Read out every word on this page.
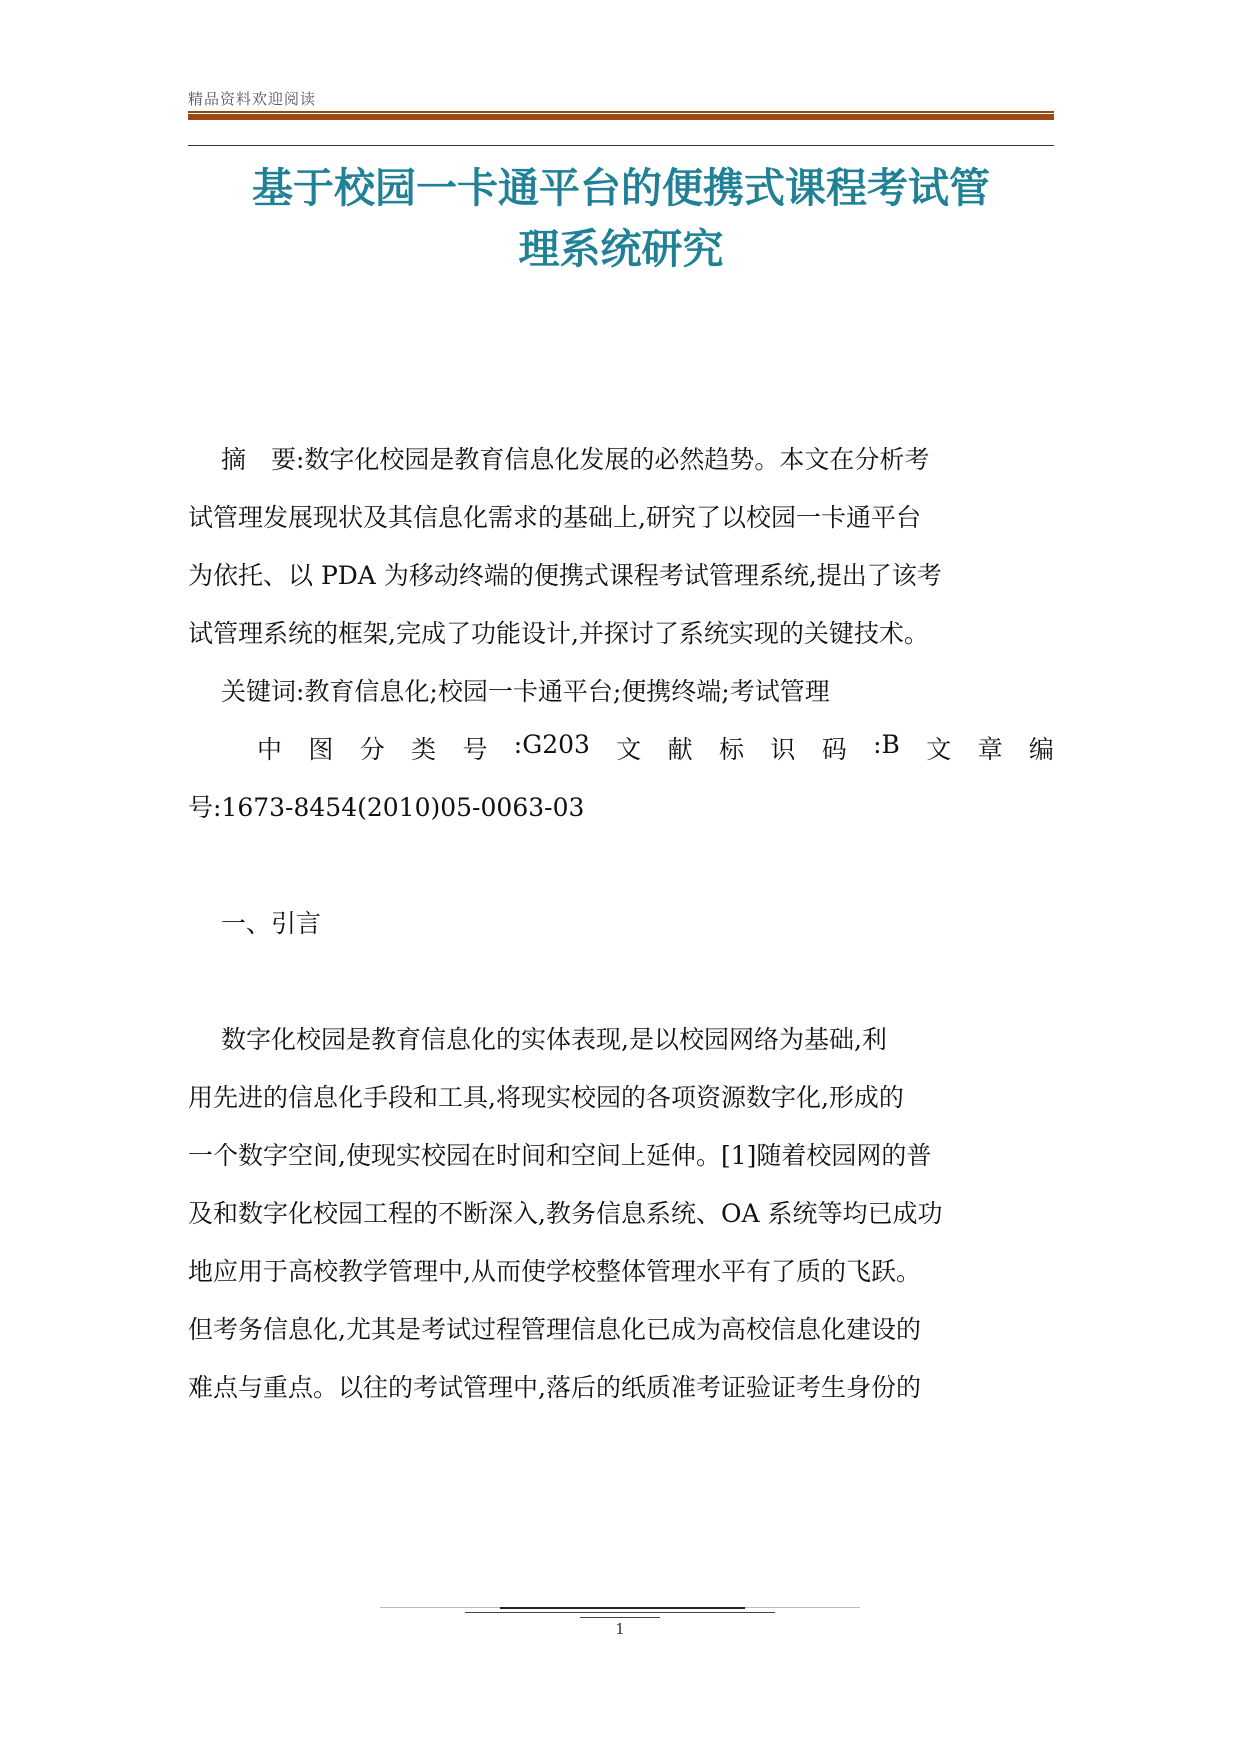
精品资料欢迎阅读
基于校园一卡通平台的便携式课程考试管
理系统研究
摘　要:数字化校园是教育信息化发展的必然趋势。本文在分析考
试管理发展现状及其信息化需求的基础上,研究了以校园一卡通平台
为依托、以 PDA 为移动终端的便携式课程考试管理系统,提出了该考
试管理系统的框架,完成了功能设计,并探讨了系统实现的关键技术。
关键词:教育信息化;校园一卡通平台;便携终端;考试管理
中 图 分 类 号 :G203 文 献 标 识 码 :B 文 章 编
号:1673-8454(2010)05-0063-03
一、引言
数字化校园是教育信息化的实体表现,是以校园网络为基础,利
用先进的信息化手段和工具,将现实校园的各项资源数字化,形成的
一个数字空间,使现实校园在时间和空间上延伸。[1]随着校园网的普
及和数字化校园工程的不断深入,教务信息系统、OA 系统等均已成功
地应用于高校教学管理中,从而使学校整体管理水平有了质的飞跃。
但考务信息化,尤其是考试过程管理信息化已成为高校信息化建设的
难点与重点。以往的考试管理中,落后的纸质准考证验证考生身份的
1
